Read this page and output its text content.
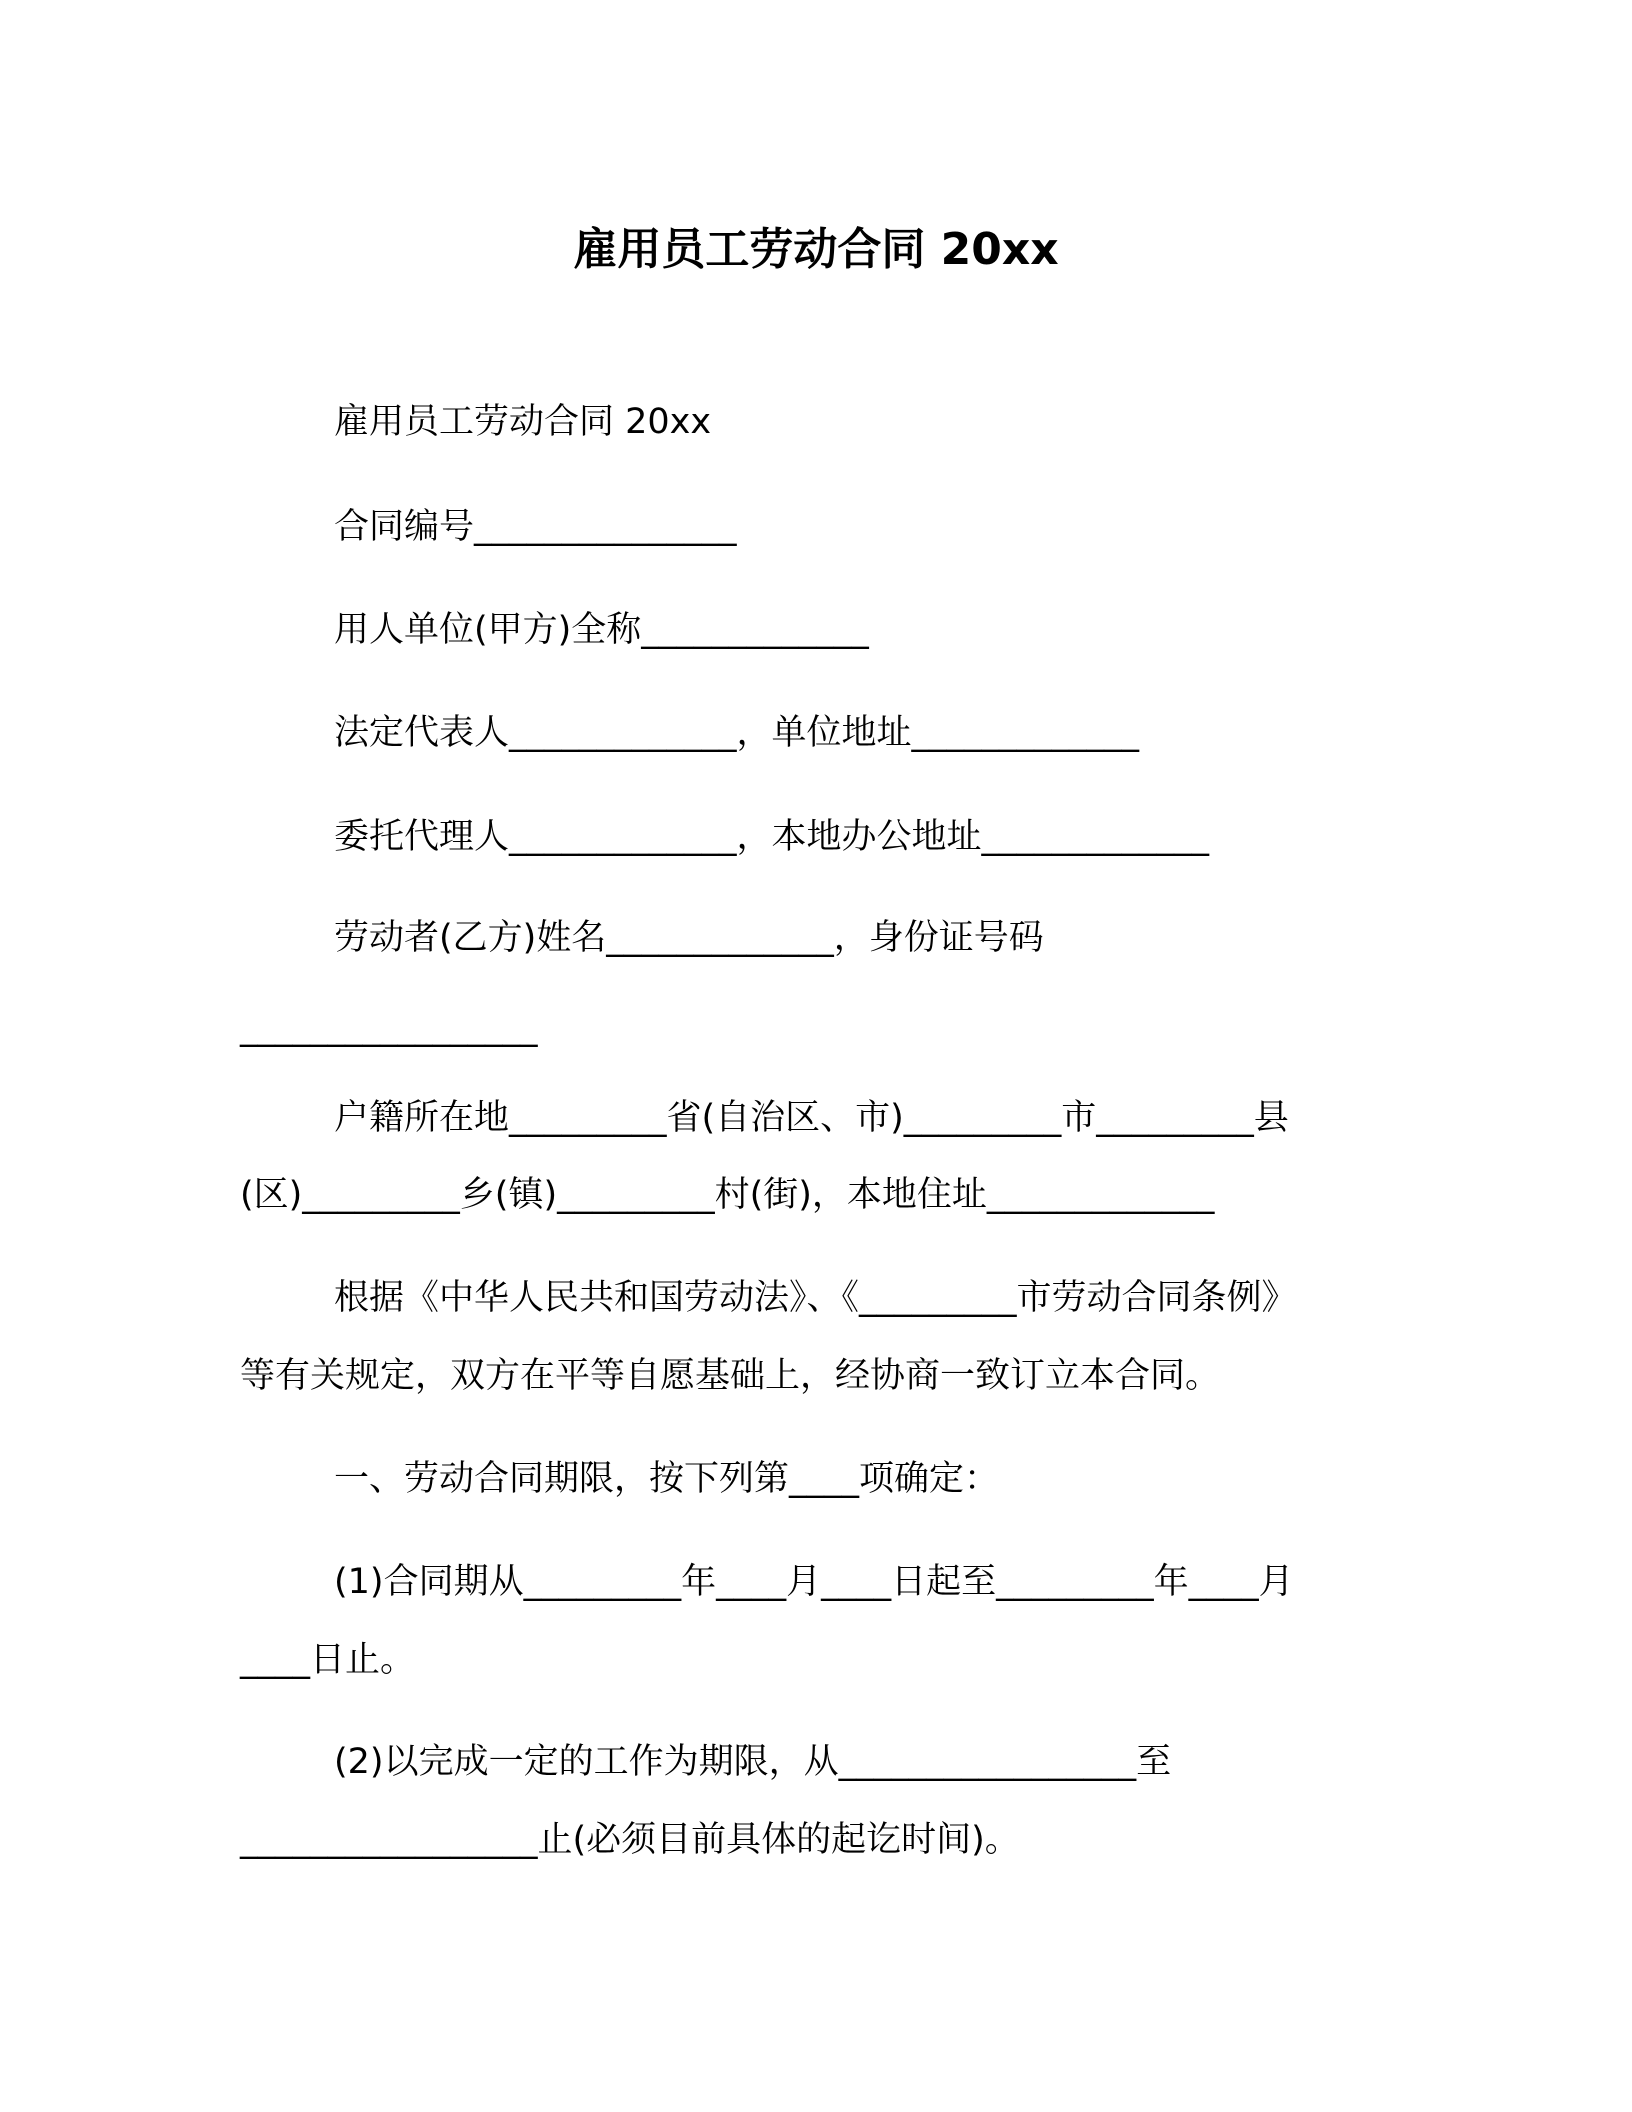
雇用员工劳动合同 20xx
雇用员工劳动合同 20xx
合同编号_______________
用人单位(甲方)全称_____________
法定代表人_____________，单位地址_____________
委托代理人_____________，本地办公地址_____________
劳动者(乙方)姓名_____________，身份证号码
_________________
户籍所在地_________省(自治区、市)_________市_________县
(区)_________乡(镇)_________村(街)，本地住址_____________
根据《中华人民共和国劳动法》、《_________市劳动合同条例》
等有关规定，双方在平等自愿基础上，经协商一致订立本合同。
一、劳动合同期限，按下列第____项确定：
(1)合同期从_________年____月____日起至_________年____月
____日止。
(2)以完成一定的工作为期限，从_________________至
_________________止(必须目前具体的起讫时间)。
